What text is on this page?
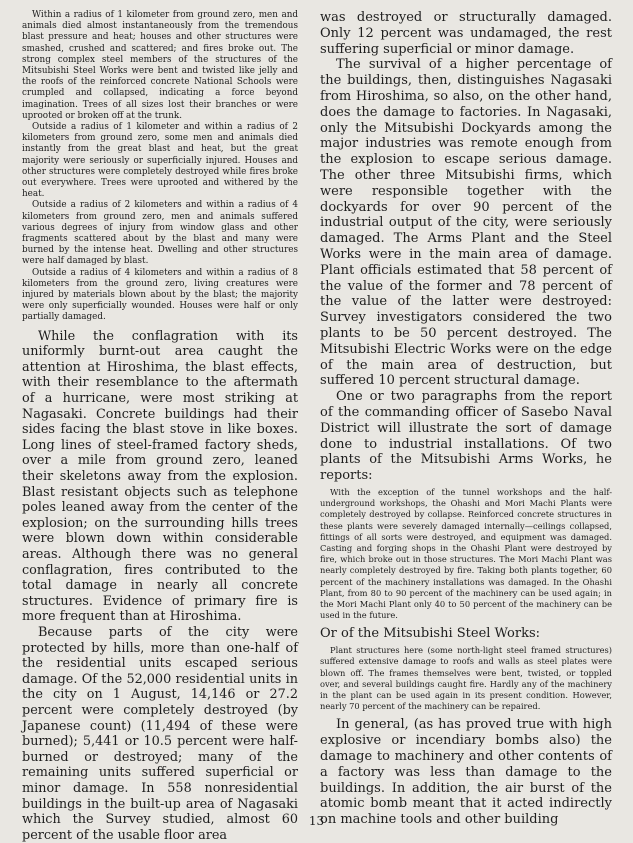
Within a radius of 1 kilometer from ground zero, men and animals died almost instantaneously from the tremendous blast pressure and heat; houses and other structures were smashed, crushed and scattered; and fires broke out. The strong complex steel members of the structures of the Mitsubishi Steel Works were bent and twisted like jelly and the roofs of the reinforced concrete National Schools were crumpled and collapsed, indicating a force beyond imagination. Trees of all sizes lost their branches or were uprooted or broken off at the trunk.

Outside a radius of 1 kilometer and within a radius of 2 kilometers from ground zero, some men and animals died instantly from the great blast and heat, but the great majority were seriously or superficially injured. Houses and other structures were completely destroyed while fires broke out everywhere. Trees were uprooted and withered by the heat.

Outside a radius of 2 kilometers and within a radius of 4 kilometers from ground zero, men and animals suffered various degrees of injury from window glass and other fragments scattered about by the blast and many were burned by the intense heat. Dwelling and other structures were half damaged by blast.

Outside a radius of 4 kilometers and within a radius of 8 kilometers from the ground zero, living creatures were injured by materials blown about by the blast; the majority were only superficially wounded. Houses were half or only partially damaged.

While the conflagration with its uniformly burnt-out area caught the attention at Hiroshima, the blast effects, with their resemblance to the aftermath of a hurricane, were most striking at Nagasaki. Concrete buildings had their sides facing the blast stove in like boxes. Long lines of steel-framed factory sheds, over a mile from ground zero, leaned their skeletons away from the explosion. Blast resistant objects such as telephone poles leaned away from the center of the explosion; on the surrounding hills trees were blown down within considerable areas. Although there was no general conflagration, fires contributed to the total damage in nearly all concrete structures. Evidence of primary fire is more frequent than at Hiroshima.

Because parts of the city were protected by hills, more than one-half of the residential units escaped serious damage. Of the 52,000 residential units in the city on 1 August, 14,146 or 27.2 percent were completely destroyed (by Japanese count) (11,494 of these were burned); 5,441 or 10.5 percent were half-burned or destroyed; many of the remaining units suffered superficial or minor damage. In 558 nonresidential buildings in the built-up area of Nagasaki which the Survey studied, almost 60 percent of the usable floor area

was destroyed or structurally damaged. Only 12 percent was undamaged, the rest suffering superficial or minor damage.

The survival of a higher percentage of the buildings, then, distinguishes Nagasaki from Hiroshima, so also, on the other hand, does the damage to factories. In Nagasaki, only the Mitsubishi Dockyards among the major industries was remote enough from the explosion to escape serious damage. The other three Mitsubishi firms, which were responsible together with the dockyards for over 90 percent of the industrial output of the city, were seriously damaged. The Arms Plant and the Steel Works were in the main area of damage. Plant officials estimated that 58 percent of the value of the former and 78 percent of the value of the latter were destroyed: Survey investigators considered the two plants to be 50 percent destroyed. The Mitsubishi Electric Works were on the edge of the main area of destruction, but suffered 10 percent structural damage.

One or two paragraphs from the report of the commanding officer of Sasebo Naval District will illustrate the sort of damage done to industrial installations. Of two plants of the Mitsubishi Arms Works, he reports:

With the exception of the tunnel workshops and the half-underground workshops, the Ohashi and Mori Machi Plants were completely destroyed by collapse. Reinforced concrete structures in these plants were severely damaged internally—ceilings collapsed, fittings of all sorts were destroyed, and equipment was damaged. Casting and forging shops in the Ohashi Plant were destroyed by fire, which broke out in those structures. The Mori Machi Plant was nearly completely destroyed by fire. Taking both plants together, 60 percent of the machinery installations was damaged. In the Ohashi Plant, from 80 to 90 percent of the machinery can be used again; in the Mori Machi Plant only 40 to 50 percent of the machinery can be used in the future.

Or of the Mitsubishi Steel Works:

Plant structures here (some north-light steel framed structures) suffered extensive damage to roofs and walls as steel plates were blown off. The frames themselves were bent, twisted, or toppled over, and several buildings caught fire. Hardly any of the machinery in the plant can be used again in its present condition. However, nearly 70 percent of the machinery can be repaired.

In general, (as has proved true with high explosive or incendiary bombs also) the damage to machinery and other contents of a factory was less than damage to the buildings. In addition, the air burst of the atomic bomb meant that it acted indirectly on machine tools and other building

13
